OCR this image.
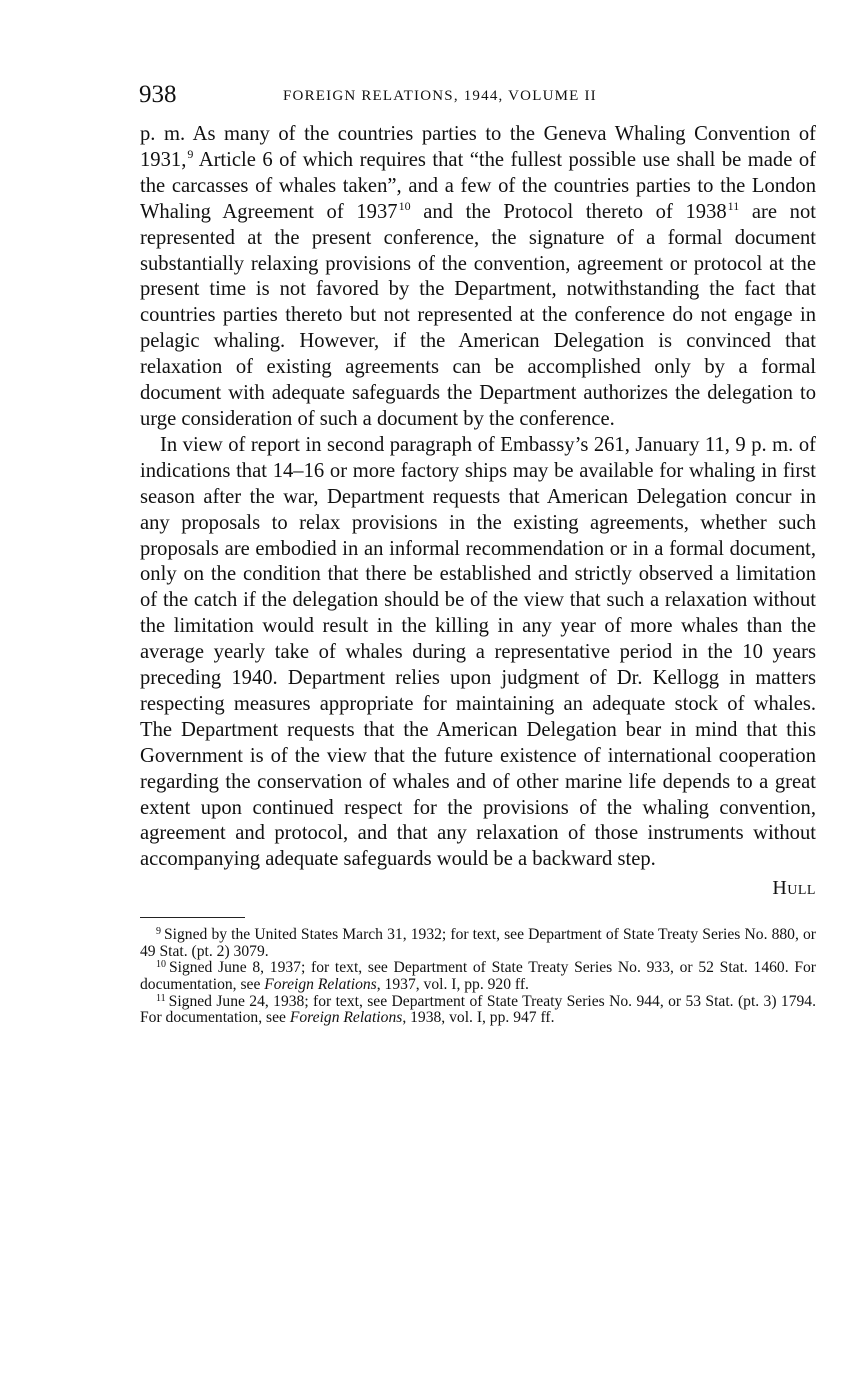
938	FOREIGN RELATIONS, 1944, VOLUME II

p. m. As many of the countries parties to the Geneva Whaling Convention of 1931,$^9$ Article 6 of which requires that “the fullest possible use shall be made of the carcasses of whales taken”, and a few of the countries parties to the London Whaling Agreement of 1937$^{10}$ and the Protocol thereto of 1938$^{11}$ are not represented at the present conference, the signature of a formal document substantially relaxing provisions of the convention, agreement or protocol at the present time is not favored by the Department, notwithstanding the fact that countries parties thereto but not represented at the conference do not engage in pelagic whaling. However, if the American Delegation is convinced that relaxation of existing agreements can be accomplished only by a formal document with adequate safeguards the Department authorizes the delegation to urge consideration of such a document by the conference.

In view of report in second paragraph of Embassy’s 261, January 11, 9 p. m. of indications that 14–16 or more factory ships may be available for whaling in first season after the war, Department requests that American Delegation concur in any proposals to relax provisions in the existing agreements, whether such proposals are embodied in an informal recommendation or in a formal document, only on the condition that there be established and strictly observed a limitation of the catch if the delegation should be of the view that such a relaxation without the limitation would result in the killing in any year of more whales than the average yearly take of whales during a representative period in the 10 years preceding 1940. Department relies upon judgment of Dr. Kellogg in matters respecting measures appropriate for maintaining an adequate stock of whales. The Department requests that the American Delegation bear in mind that this Government is of the view that the future existence of international cooperation regarding the conservation of whales and of other marine life depends to a great extent upon continued respect for the provisions of the whaling convention, agreement and protocol, and that any relaxation of those instruments without accompanying adequate safeguards would be a backward step.

Hull

$^9$ Signed by the United States March 31, 1932; for text, see Department of State Treaty Series No. 880, or 49 Stat. (pt. 2) 3079.

$^{10}$ Signed June 8, 1937; for text, see Department of State Treaty Series No. 933, or 52 Stat. 1460. For documentation, see Foreign Relations, 1937, vol. I, pp. 920 ff.

$^{11}$ Signed June 24, 1938; for text, see Department of State Treaty Series No. 944, or 53 Stat. (pt. 3) 1794. For documentation, see Foreign Relations, 1938, vol. I, pp. 947 ff.
